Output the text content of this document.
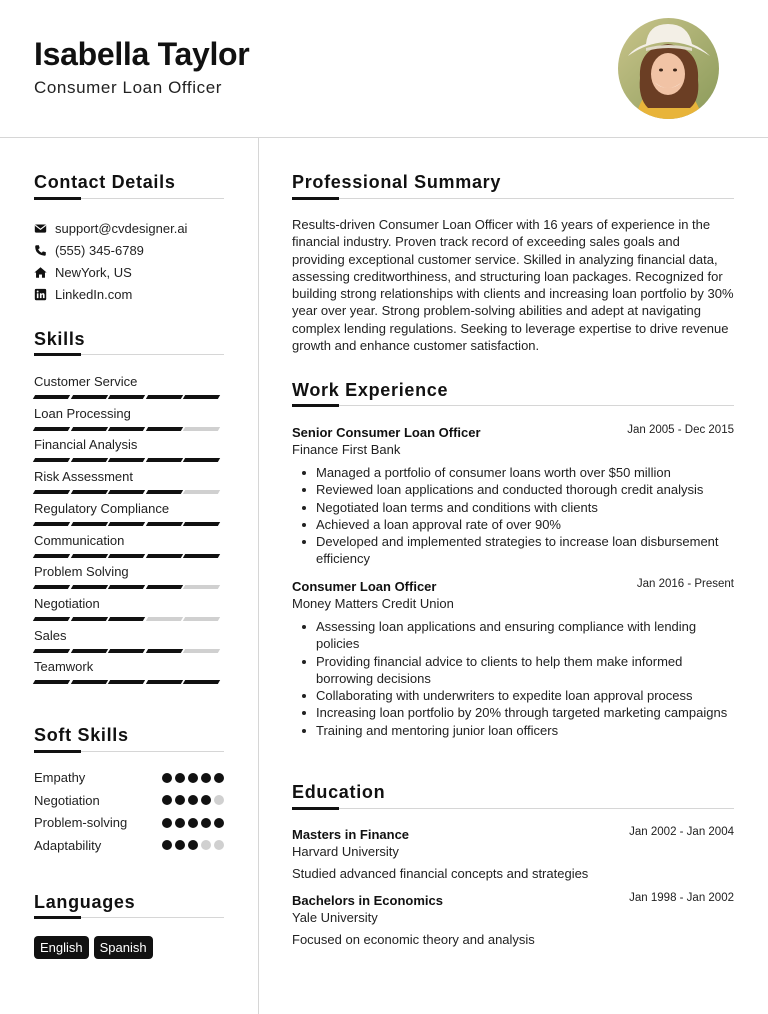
Isabella Taylor
Consumer Loan Officer
Contact Details
support@cvdesigner.ai
(555) 345-6789
NewYork, US
LinkedIn.com
Skills
Customer Service
Loan Processing
Financial Analysis
Risk Assessment
Regulatory Compliance
Communication
Problem Solving
Negotiation
Sales
Teamwork
Soft Skills
Empathy
Negotiation
Problem-solving
Adaptability
Languages
English	Spanish
Professional Summary
Results-driven Consumer Loan Officer with 16 years of experience in the financial industry. Proven track record of exceeding sales goals and providing exceptional customer service. Skilled in analyzing financial data, assessing creditworthiness, and structuring loan packages. Recognized for building strong relationships with clients and increasing loan portfolio by 30% year over year. Strong problem-solving abilities and adept at navigating complex lending regulations. Seeking to leverage expertise to drive revenue growth and enhance customer satisfaction.
Work Experience
Senior Consumer Loan Officer	Jan 2005 - Dec 2015
Finance First Bank
Managed a portfolio of consumer loans worth over $50 million
Reviewed loan applications and conducted thorough credit analysis
Negotiated loan terms and conditions with clients
Achieved a loan approval rate of over 90%
Developed and implemented strategies to increase loan disbursement efficiency
Consumer Loan Officer	Jan 2016 - Present
Money Matters Credit Union
Assessing loan applications and ensuring compliance with lending policies
Providing financial advice to clients to help them make informed borrowing decisions
Collaborating with underwriters to expedite loan approval process
Increasing loan portfolio by 20% through targeted marketing campaigns
Training and mentoring junior loan officers
Education
Masters in Finance	Jan 2002 - Jan 2004
Harvard University
Studied advanced financial concepts and strategies
Bachelors in Economics	Jan 1998 - Jan 2002
Yale University
Focused on economic theory and analysis
